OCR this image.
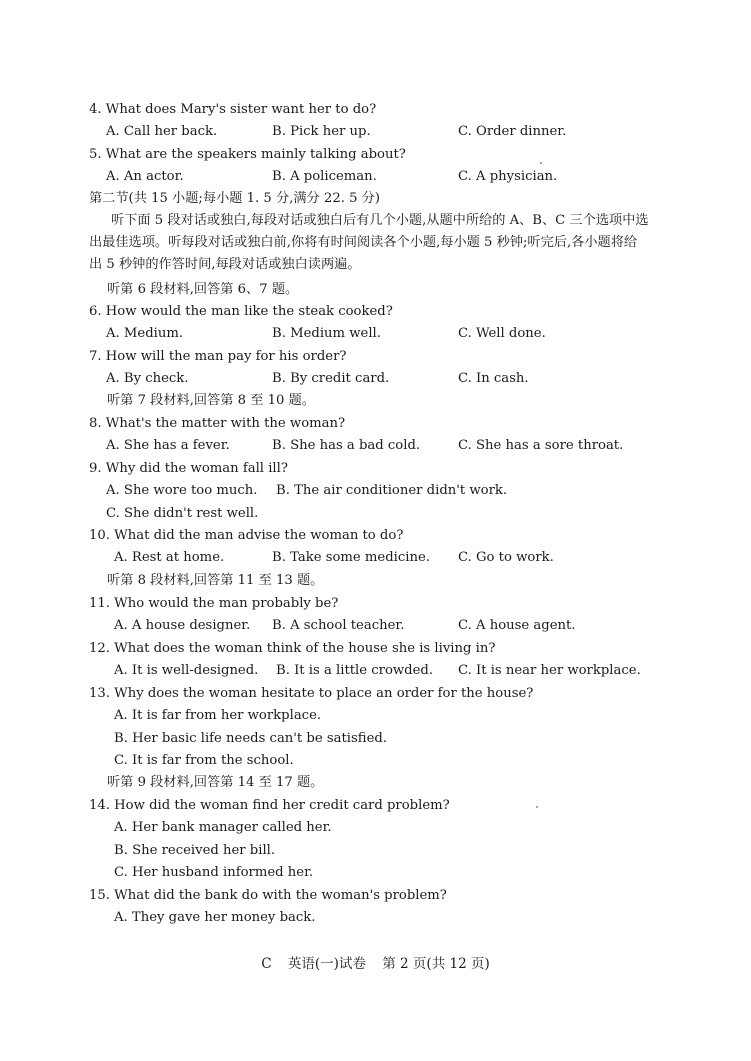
4. What does Mary's sister want her to do?
A. Call her back.	B. Pick her up.	C. Order dinner.
5. What are the speakers mainly talking about?
A. An actor.	B. A policeman.	C. A physician.
第二节(共 15 小题;每小题 1. 5 分,满分 22. 5 分)
听下面 5 段对话或独白,每段对话或独白后有几个小题,从题中所给的 A、B、C 三个选项中选出最佳选项。听每段对话或独白前,你将有时间阅读各个小题,每小题 5 秒钟;听完后,各小题将给出 5 秒钟的作答时间,每段对话或独白读两遍。
听第 6 段材料,回答第 6、7 题。
6. How would the man like the steak cooked?
A. Medium.	B. Medium well.	C. Well done.
7. How will the man pay for his order?
A. By check.	B. By credit card.	C. In cash.
听第 7 段材料,回答第 8 至 10 题。
8. What's the matter with the woman?
A. She has a fever.	B. She has a bad cold.	C. She has a sore throat.
9. Why did the woman fall ill?
A. She wore too much. B. The air conditioner didn't work.
C. She didn't rest well.
10. What did the man advise the woman to do?
A. Rest at home.	B. Take some medicine. C. Go to work.
听第 8 段材料,回答第 11 至 13 题。
11. Who would the man probably be?
A. A house designer. B. A school teacher.	C. A house agent.
12. What does the woman think of the house she is living in?
A. It is well-designed. B. It is a little crowded. C. It is near her workplace.
13. Why does the woman hesitate to place an order for the house?
A. It is far from her workplace.
B. Her basic life needs can't be satisfied.
C. It is far from the school.
听第 9 段材料,回答第 14 至 17 题。
14. How did the woman find her credit card problem?
A. Her bank manager called her.
B. She received her bill.
C. Her husband informed her.
15. What did the bank do with the woman's problem?
A. They gave her money back.
C 英语(一)试卷 第 2 页(共 12 页)
